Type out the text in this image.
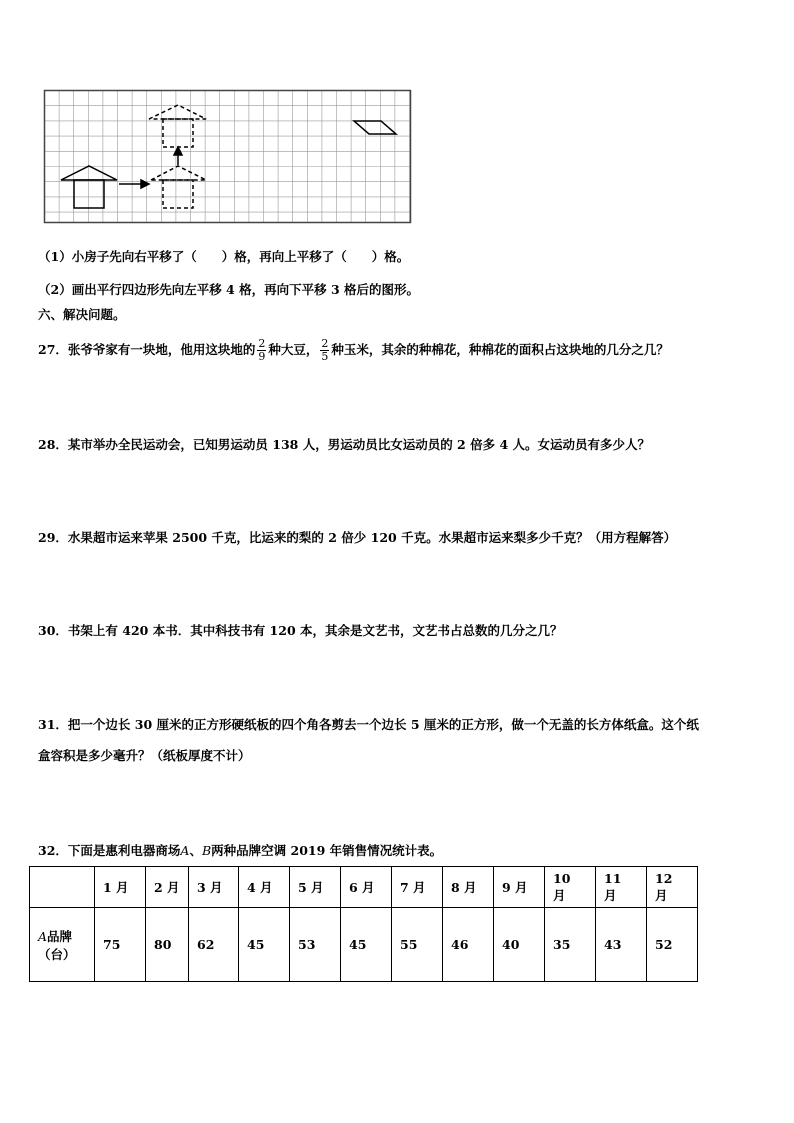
（1）小房子先向右平移了（　　）格，再向上平移了（　　）格。
（2）画出平行四边形先向左平移 4 格，再向下平移 3 格后的图形。
六、解决问题。
27．张爷爷家有一块地，他用这块地的 $\frac{2}{9}$ 种大豆， $\frac{2}{5}$ 种玉米，其余的种棉花，种棉花的面积占这块地的几分之几？
28．某市举办全民运动会，已知男运动员 138 人，男运动员比女运动员的 2 倍多 4 人。女运动员有多少人？
29．水果超市运来苹果 2500 千克，比运来的梨的 2 倍少 120 千克。水果超市运来梨多少千克？（用方程解答）
30．书架上有 420 本书．其中科技书有 120 本，其余是文艺书，文艺书占总数的几分之几？
31．把一个边长 30 厘米的正方形硬纸板的四个角各剪去一个边长 5 厘米的正方形，做一个无盖的长方体纸盒。这个纸
盒容积是多少毫升？（纸板厚度不计）
32．下面是惠利电器商场A、B两种品牌空调 2019 年销售情况统计表。
	1 月	2 月	3 月	4 月	5 月	6 月	7 月	8 月	9 月	10 月	11 月	12 月
A品牌
（台）	75	80	62	45	53	45	55	46	40	35	43	52
